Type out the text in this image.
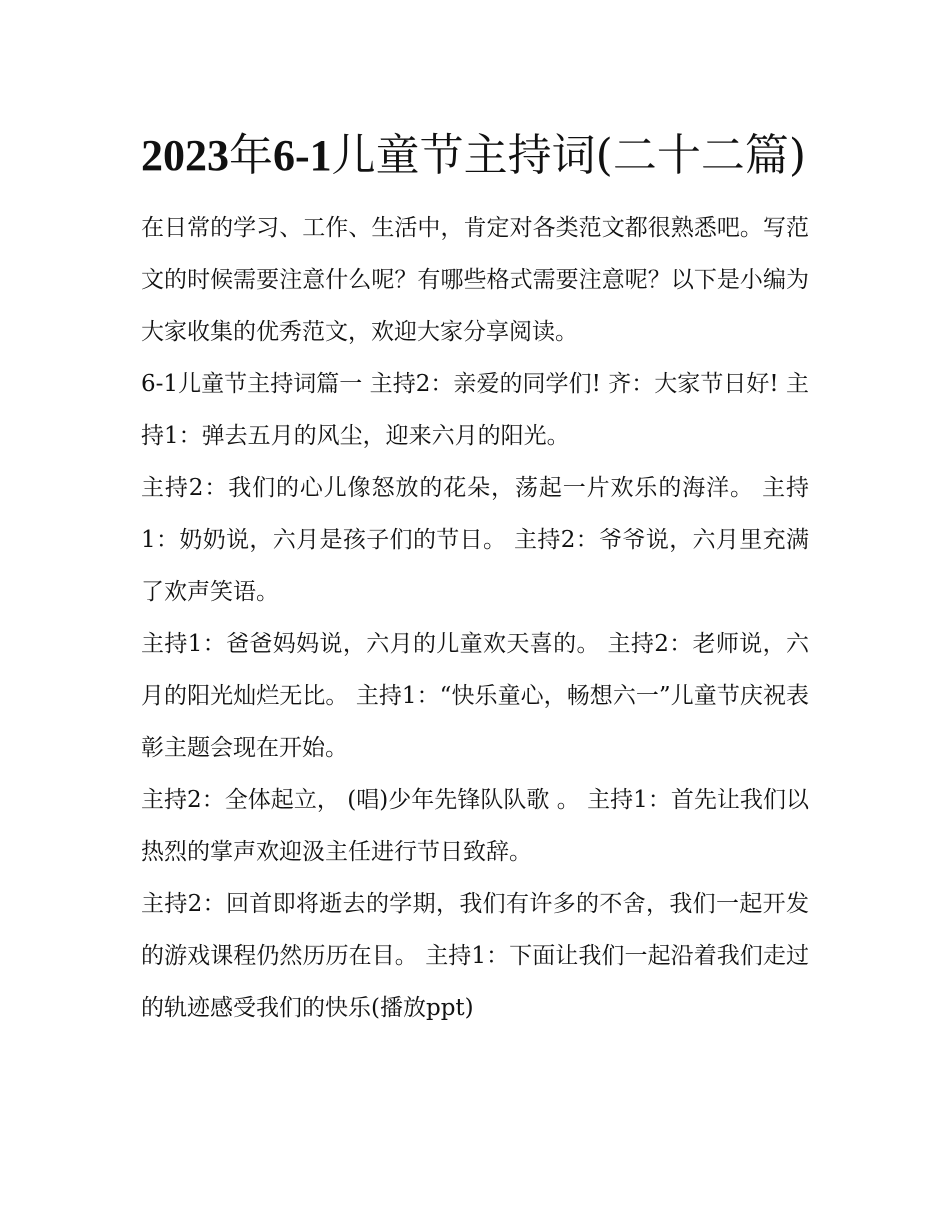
2023年6-1儿童节主持词(二十二篇)

在日常的学习、工作、生活中，肯定对各类范文都很熟悉吧。写范文的时候需要注意什么呢？有哪些格式需要注意呢？以下是小编为大家收集的优秀范文，欢迎大家分享阅读。

6-1儿童节主持词篇一 主持2：亲爱的同学们! 齐：大家节日好! 主持1：弹去五月的风尘，迎来六月的阳光。

主持2：我们的心儿像怒放的花朵，荡起一片欢乐的海洋。 主持1：奶奶说，六月是孩子们的节日。 主持2：爷爷说，六月里充满了欢声笑语。

主持1：爸爸妈妈说，六月的儿童欢天喜的。 主持2：老师说，六月的阳光灿烂无比。 主持1：“快乐童心，畅想六一”儿童节庆祝表彰主题会现在开始。

主持2：全体起立， (唱)少年先锋队队歌 。 主持1：首先让我们以热烈的掌声欢迎汲主任进行节日致辞。

主持2：回首即将逝去的学期，我们有许多的不舍，我们一起开发的游戏课程仍然历历在目。 主持1：下面让我们一起沿着我们走过的轨迹感受我们的快乐(播放ppt)
